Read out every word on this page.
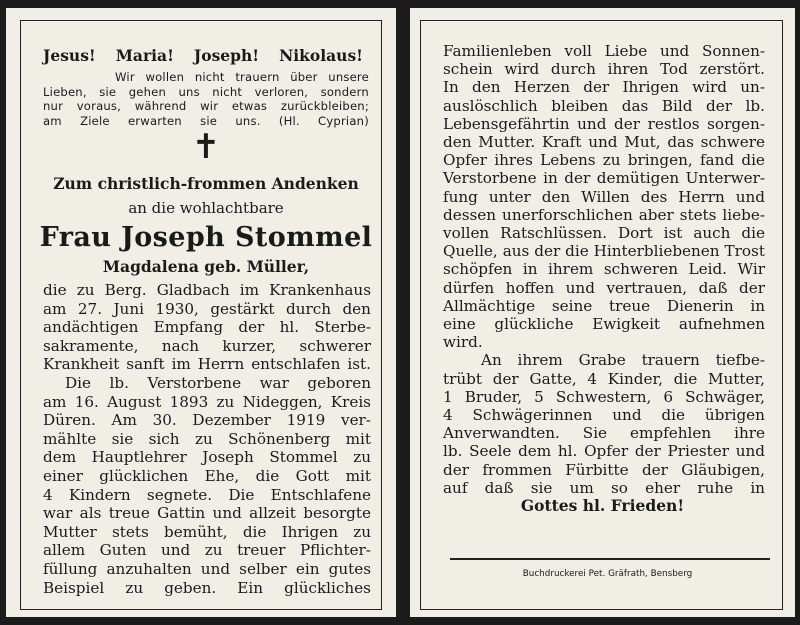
Jesus! Maria! Joseph! Nikolaus!
Wir wollen nicht trauern über unsere
Lieben, sie gehen uns nicht verloren, sondern
nur voraus, während wir etwas zurückbleiben;
am Ziele erwarten sie uns. (Hl. Cyprian)
✝
Zum christlich-frommen Andenken
an die wohlachtbare
Frau Joseph Stommel
Magdalena geb. Müller,
die zu Berg. Gladbach im Krankenhaus
am 27. Juni 1930, gestärkt durch den
andächtigen Empfang der hl. Sterbe-
sakramente, nach kurzer, schwerer
Krankheit sanft im Herrn entschlafen ist.
Die lb. Verstorbene war geboren
am 16. August 1893 zu Nideggen, Kreis
Düren. Am 30. Dezember 1919 ver-
mählte sie sich zu Schönenberg mit
dem Hauptlehrer Joseph Stommel zu
einer glücklichen Ehe, die Gott mit
4 Kindern segnete. Die Entschlafene
war als treue Gattin und allzeit besorgte
Mutter stets bemüht, die Ihrigen zu
allem Guten und zu treuer Pflichter-
füllung anzuhalten und selber ein gutes
Beispiel zu geben. Ein glückliches
Familienleben voll Liebe und Sonnen-
schein wird durch ihren Tod zerstört.
In den Herzen der Ihrigen wird un-
auslöschlich bleiben das Bild der lb.
Lebensgefährtin und der restlos sorgen-
den Mutter. Kraft und Mut, das schwere
Opfer ihres Lebens zu bringen, fand die
Verstorbene in der demütigen Unterwer-
fung unter den Willen des Herrn und
dessen unerforschlichen aber stets liebe-
vollen Ratschlüssen. Dort ist auch die
Quelle, aus der die Hinterbliebenen Trost
schöpfen in ihrem schweren Leid. Wir
dürfen hoffen und vertrauen, daß der
Allmächtige seine treue Dienerin in
eine glückliche Ewigkeit aufnehmen
wird.
An ihrem Grabe trauern tiefbe-
trübt der Gatte, 4 Kinder, die Mutter,
1 Bruder, 5 Schwestern, 6 Schwäger,
4 Schwägerinnen und die übrigen
Anverwandten. Sie empfehlen ihre
lb. Seele dem hl. Opfer der Priester und
der frommen Fürbitte der Gläubigen,
auf daß sie um so eher ruhe in
Gottes hl. Frieden!
Buchdruckerei Pet. Gräfrath, Bensberg
